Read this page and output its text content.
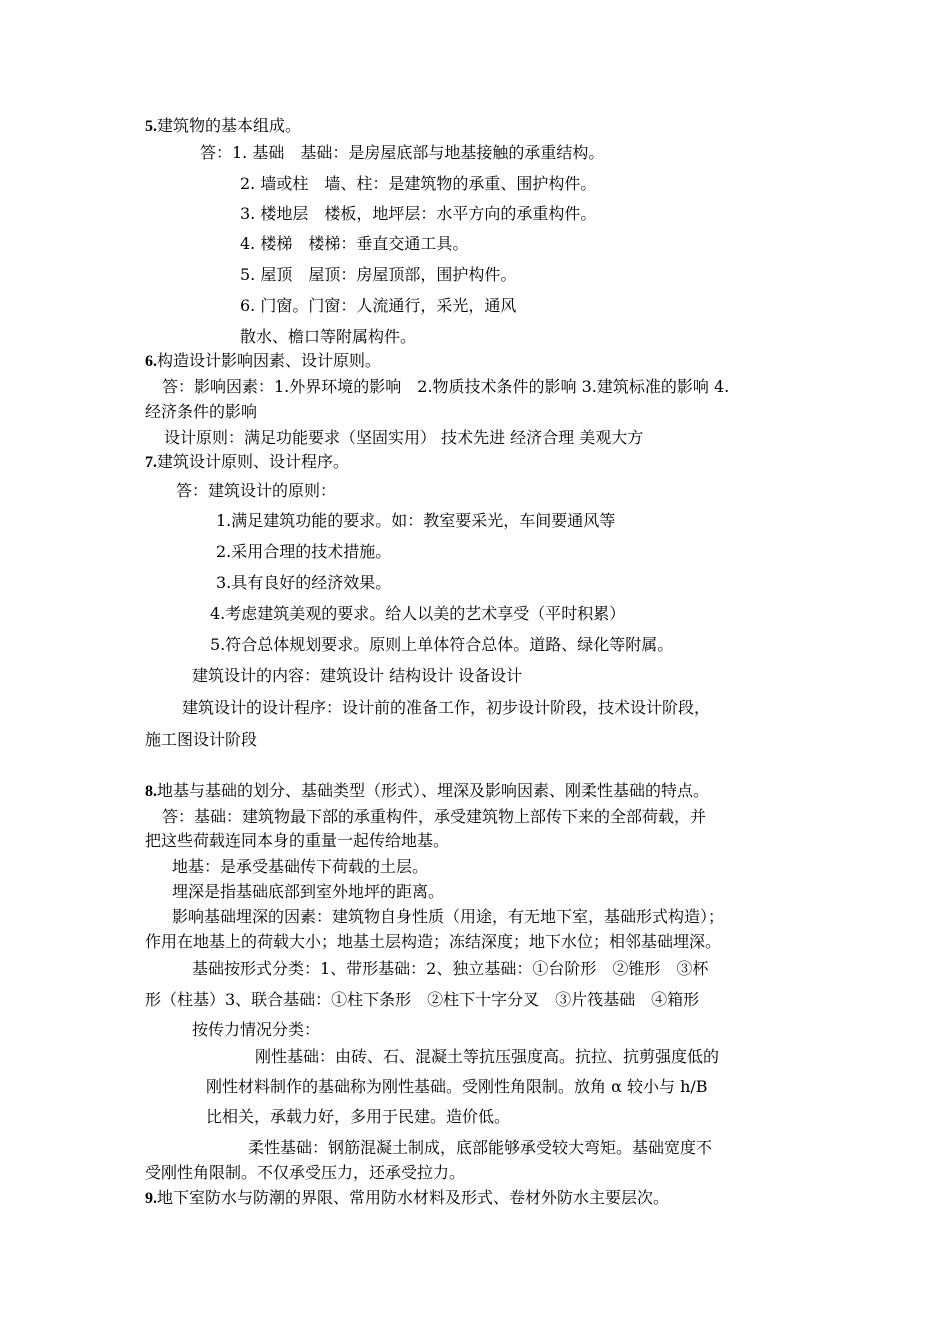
5.建筑物的基本组成。
答：1. 基础　基础：是房屋底部与地基接触的承重结构。
2. 墙或柱　墙、柱：是建筑物的承重、围护构件。
3. 楼地层　楼板，地坪层：水平方向的承重构件。
4. 楼梯　楼梯：垂直交通工具。
5. 屋顶　屋顶：房屋顶部，围护构件。
6. 门窗。门窗：人流通行，采光，通风
散水、檐口等附属构件。
6.构造设计影响因素、设计原则。
答：影响因素：1.外界环境的影响　2.物质技术条件的影响 3.建筑标准的影响 4.
经济条件的影响
设计原则：满足功能要求（坚固实用） 技术先进 经济合理 美观大方
7.建筑设计原则、设计程序。
答：建筑设计的原则：
1.满足建筑功能的要求。如：教室要采光，车间要通风等
2.采用合理的技术措施。
3.具有良好的经济效果。
4.考虑建筑美观的要求。给人以美的艺术享受（平时积累）
5.符合总体规划要求。原则上单体符合总体。道路、绿化等附属。
建筑设计的内容：建筑设计 结构设计 设备设计
建筑设计的设计程序：设计前的准备工作，初步设计阶段，技术设计阶段，
施工图设计阶段
8.地基与基础的划分、基础类型（形式）、埋深及影响因素、刚柔性基础的特点。
答：基础：建筑物最下部的承重构件，承受建筑物上部传下来的全部荷载，并
把这些荷载连同本身的重量一起传给地基。
地基：是承受基础传下荷载的土层。
埋深是指基础底部到室外地坪的距离。
影响基础埋深的因素：建筑物自身性质（用途，有无地下室，基础形式构造）；
作用在地基上的荷载大小；地基土层构造；冻结深度；地下水位；相邻基础埋深。
基础按形式分类：1、带形基础：2、独立基础：①台阶形　②锥形　③杯
形（柱基）3、联合基础：①柱下条形　②柱下十字分叉　③片筏基础　④箱形
按传力情况分类：
刚性基础：由砖、石、混凝土等抗压强度高。抗拉、抗剪强度低的
刚性材料制作的基础称为刚性基础。受刚性角限制。放角 α 较小与 h/B
比相关，承载力好，多用于民建。造价低。
柔性基础：钢筋混凝土制成，底部能够承受较大弯矩。基础宽度不
受刚性角限制。不仅承受压力，还承受拉力。
9.地下室防水与防潮的界限、常用防水材料及形式、卷材外防水主要层次。
